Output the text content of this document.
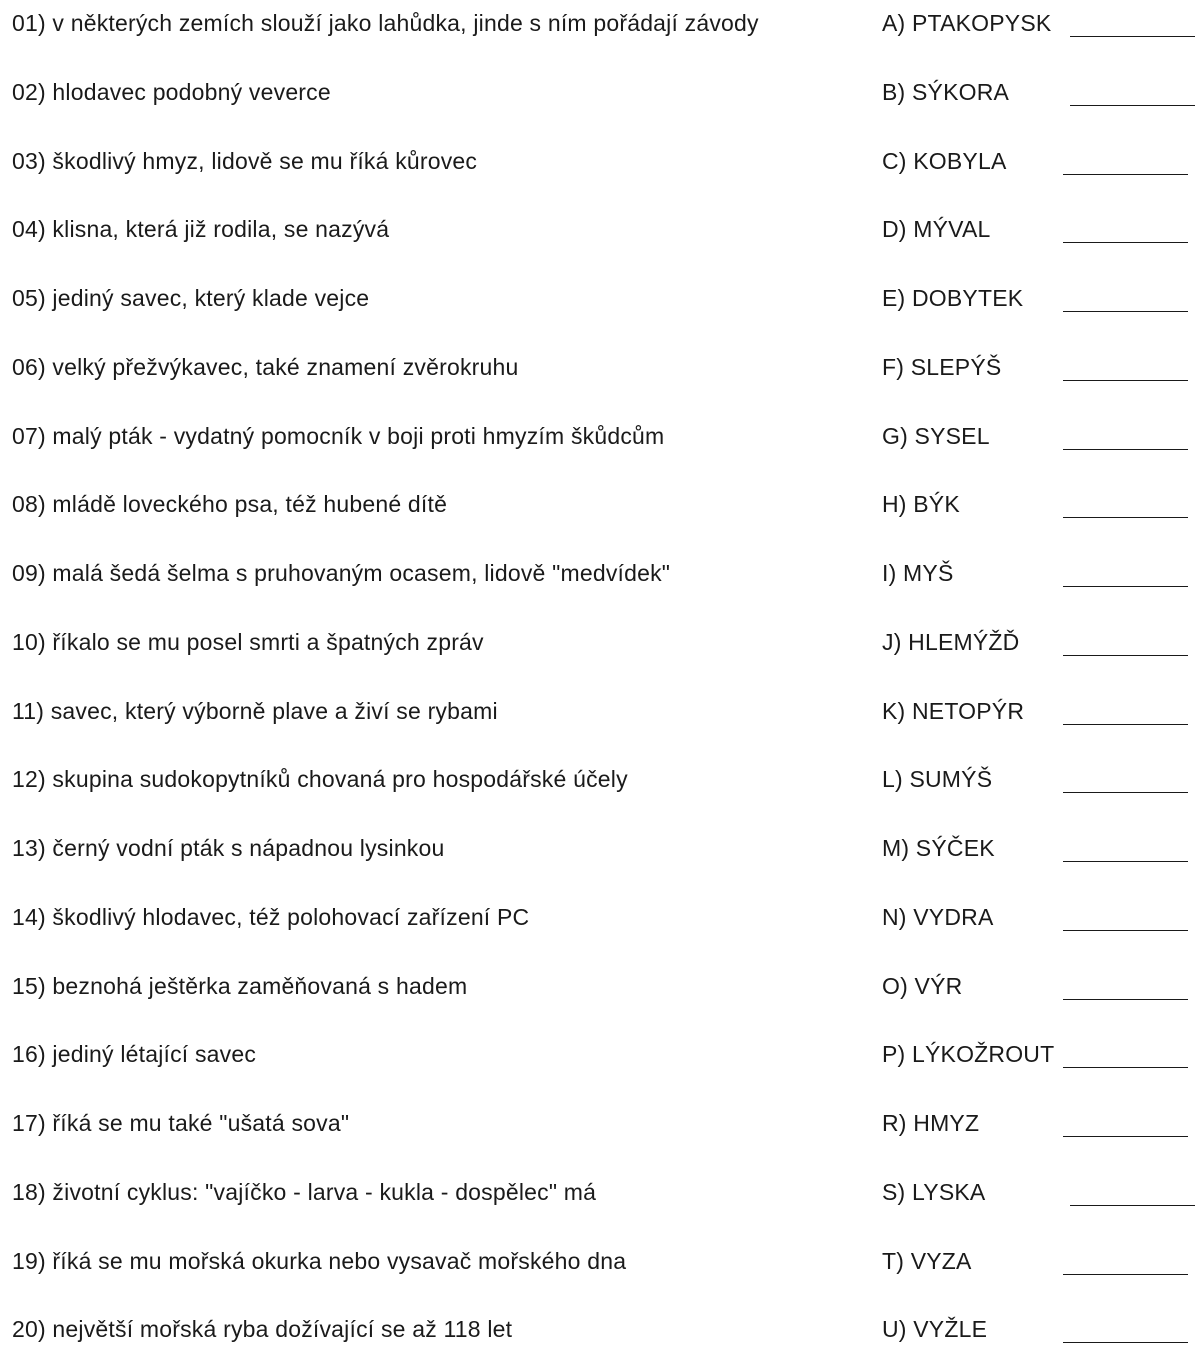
01) v některých zemích slouží jako lahůdka, jinde s ním pořádají závody	A) PTAKOPYSK
02) hlodavec podobný veverce	B) SÝKORA
03) škodlivý hmyz, lidově se mu říká kůrovec	C) KOBYLA
04) klisna, která již rodila, se nazývá	D) MÝVAL
05) jediný savec, který klade vejce	E) DOBYTEK
06) velký přežvýkavec, také znamení zvěrokruhu	F) SLEPÝŠ
07) malý pták - vydatný pomocník v boji proti hmyzím škůdcům	G) SYSEL
08) mládě loveckého psa, též hubené dítě	H) BÝK
09) malá šedá šelma s pruhovaným ocasem, lidově "medvídek"	I) MYŠ
10) říkalo se mu posel smrti a špatných zpráv	J) HLEMÝŽĎ
11) savec, který výborně plave a živí se rybami	K) NETOPÝR
12) skupina sudokopytníků chovaná pro hospodářské účely	L) SUMÝŠ
13) černý vodní pták s nápadnou lysinkou	M) SÝČEK
14) škodlivý hlodavec, též polohovací zařízení PC	N) VYDRA
15) beznohá ještěrka zaměňovaná s hadem	O) VÝR
16) jediný létající savec	P) LÝKOŽROUT
17) říká se mu také "ušatá sova"	R) HMYZ
18) životní cyklus: "vajíčko - larva - kukla - dospělec" má	S) LYSKA
19) říká se mu mořská okurka nebo vysavač mořského dna	T) VYZA
20) největší mořská ryba dožívající se až 118 let	U) VYŽLE
